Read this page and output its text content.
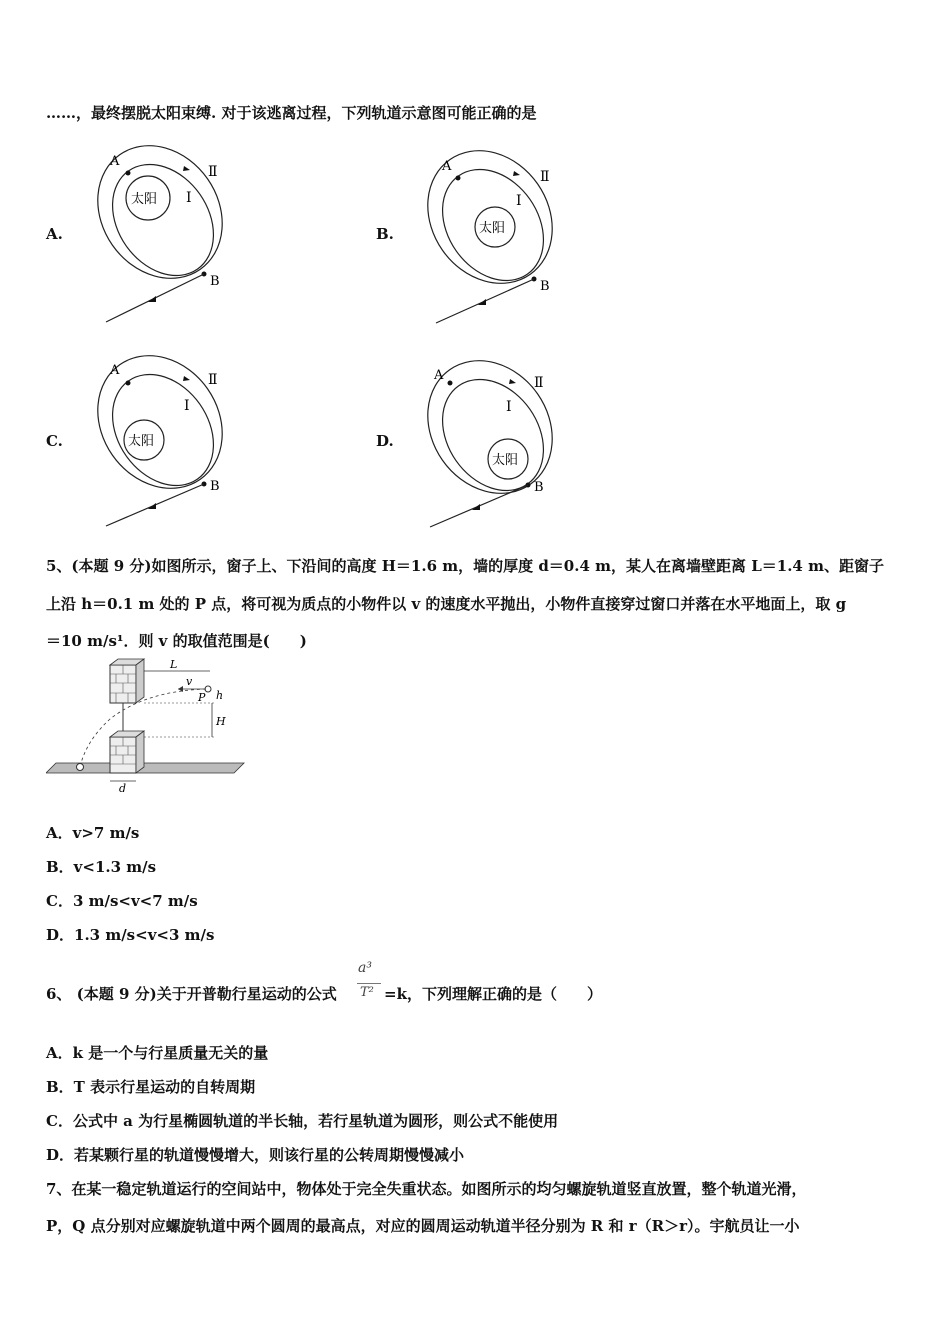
……，最终摆脱太阳束缚. 对于该逃离过程，下列轨道示意图可能正确的是
A.	B.
C.	D.
太阳
A
Ⅱ
Ⅰ
B
太阳
A
Ⅱ
Ⅰ
B
太阳
A
Ⅱ
Ⅰ
B
太阳
A	Ⅱ
Ⅰ
B
5、(本题 9 分)如图所示，窗子上、下沿间的高度 H＝1.6 m，墙的厚度 d＝0.4 m，某人在离墙壁距离 L＝1.4 m、距窗子
上沿 h＝0.1 m 处的 P 点，将可视为质点的小物件以 v 的速度水平抛出，小物件直接穿过窗口并落在水平地面上，取 g
＝10 m/s¹．则 v 的取值范围是(　　)
L
v
P h
H
d
A．v>7 m/s
B．v<1.3 m/s
C．3 m/s<v<7 m/s
D．1.3 m/s<v<3 m/s
6、 (本题 9 分)关于开普勒行星运动的公式
a³
T² =k，下列理解正确的是（　　）
A．k 是一个与行星质量无关的量
B．T 表示行星运动的自转周期
C．公式中 a 为行星椭圆轨道的半长轴，若行星轨道为圆形，则公式不能使用
D．若某颗行星的轨道慢慢增大，则该行星的公转周期慢慢减小
7、在某一稳定轨道运行的空间站中，物体处于完全失重状态。如图所示的均匀螺旋轨道竖直放置，整个轨道光滑，
P，Q 点分别对应螺旋轨道中两个圆周的最高点，对应的圆周运动轨道半径分别为 R 和 r（R＞r）。宇航员让一小
